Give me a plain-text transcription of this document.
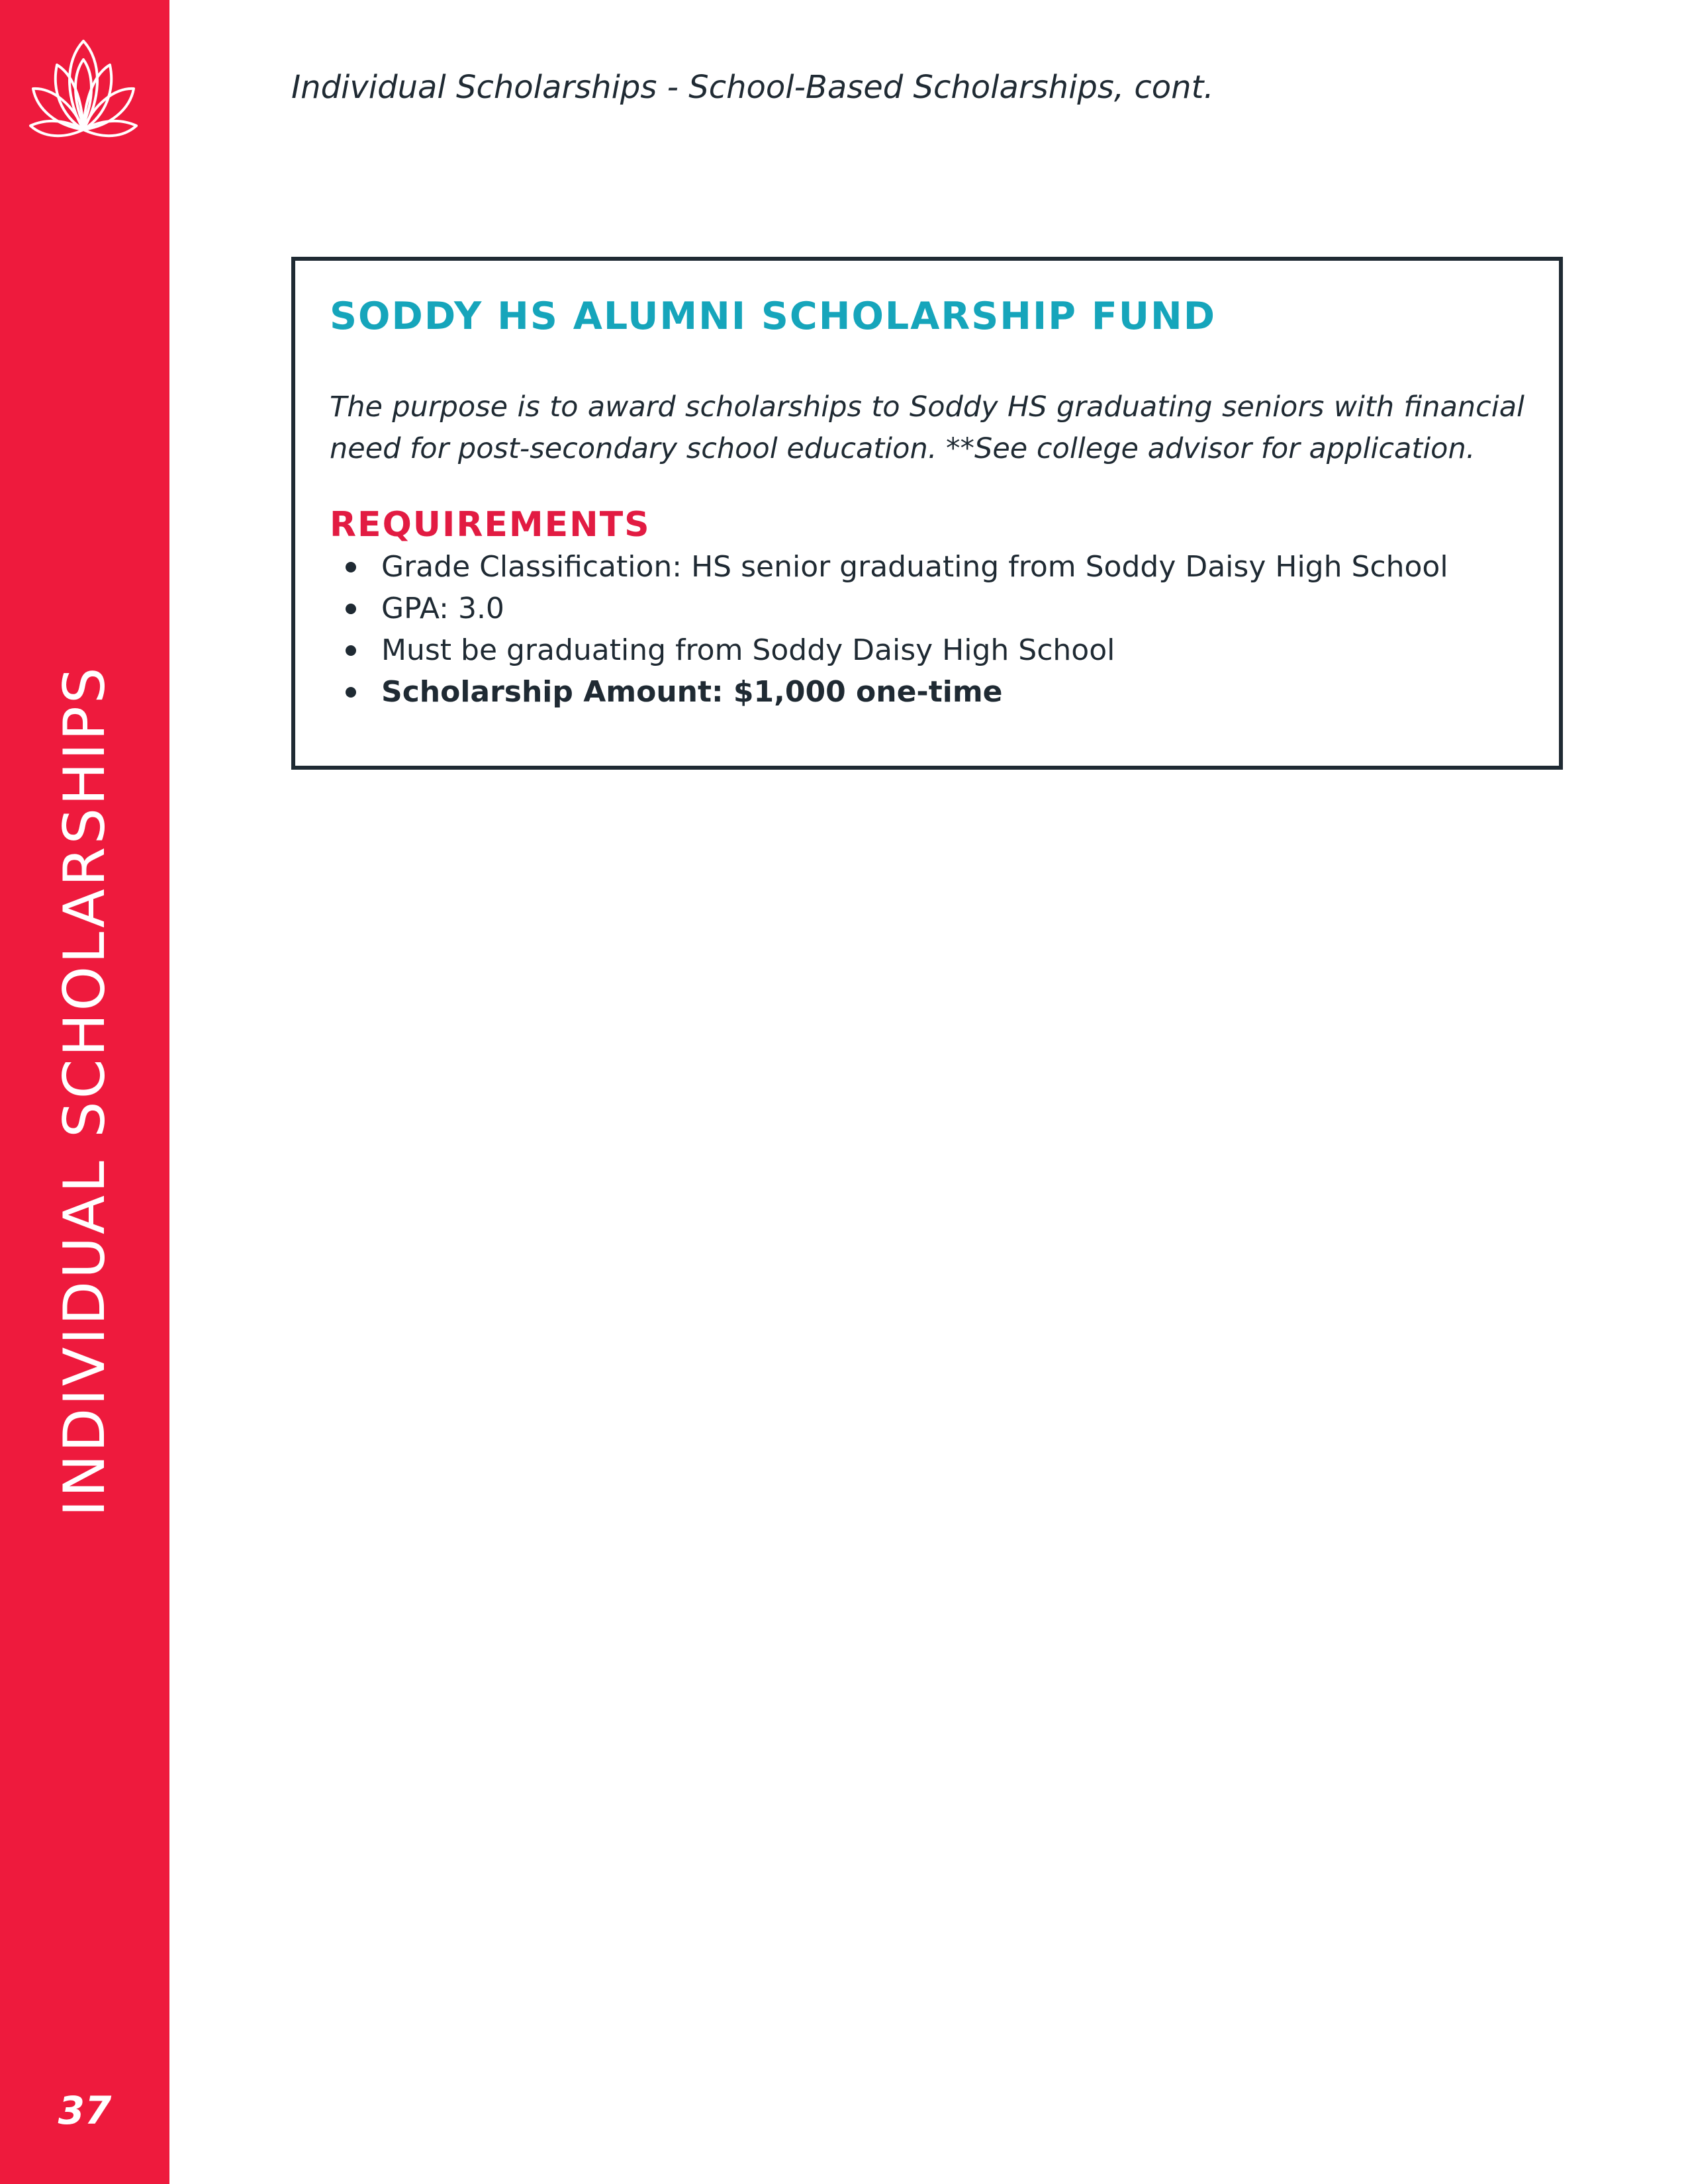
INDIVIDUAL SCHOLARSHIPS
37
Individual Scholarships - School-Based Scholarships, cont.
SODDY HS ALUMNI SCHOLARSHIP FUND

The purpose is to award scholarships to Soddy HS graduating seniors with financial need for post-secondary school education. **See college advisor for application.

REQUIREMENTS
Grade Classification: HS senior graduating from Soddy Daisy High School
GPA: 3.0
Must be graduating from Soddy Daisy High School
Scholarship Amount: $1,000 one-time
